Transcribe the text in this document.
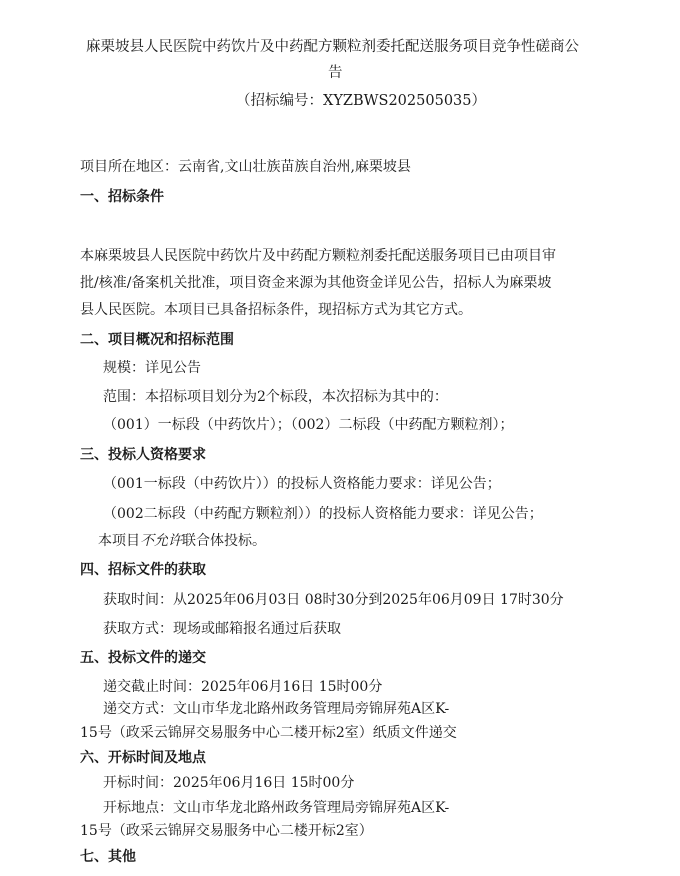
麻栗坡县人民医院中药饮片及中药配方颗粒剂委托配送服务项目竞争性磋商公
告
（招标编号：XYZBWS202505035）
项目所在地区：云南省,文山壮族苗族自治州,麻栗坡县
一、招标条件
本麻栗坡县人民医院中药饮片及中药配方颗粒剂委托配送服务项目已由项目审
批/核准/备案机关批准，项目资金来源为其他资金详见公告，招标人为麻栗坡
县人民医院。本项目已具备招标条件，现招标方式为其它方式。
二、项目概况和招标范围
规模：详见公告
范围：本招标项目划分为2个标段，本次招标为其中的：
（001）一标段（中药饮片）；（002）二标段（中药配方颗粒剂）；
三、投标人资格要求
（001一标段（中药饮片））的投标人资格能力要求：详见公告；
（002二标段（中药配方颗粒剂））的投标人资格能力要求：详见公告；
本项目不允许联合体投标。
四、招标文件的获取
获取时间：从2025年06月03日 08时30分到2025年06月09日 17时30分
获取方式：现场或邮箱报名通过后获取
五、投标文件的递交
递交截止时间：2025年06月16日 15时00分
递交方式：文山市华龙北路州政务管理局旁锦屏苑A区K-
15号（政采云锦屏交易服务中心二楼开标2室）纸质文件递交
六、开标时间及地点
开标时间：2025年06月16日 15时00分
开标地点：文山市华龙北路州政务管理局旁锦屏苑A区K-
15号（政采云锦屏交易服务中心二楼开标2室）
七、其他
